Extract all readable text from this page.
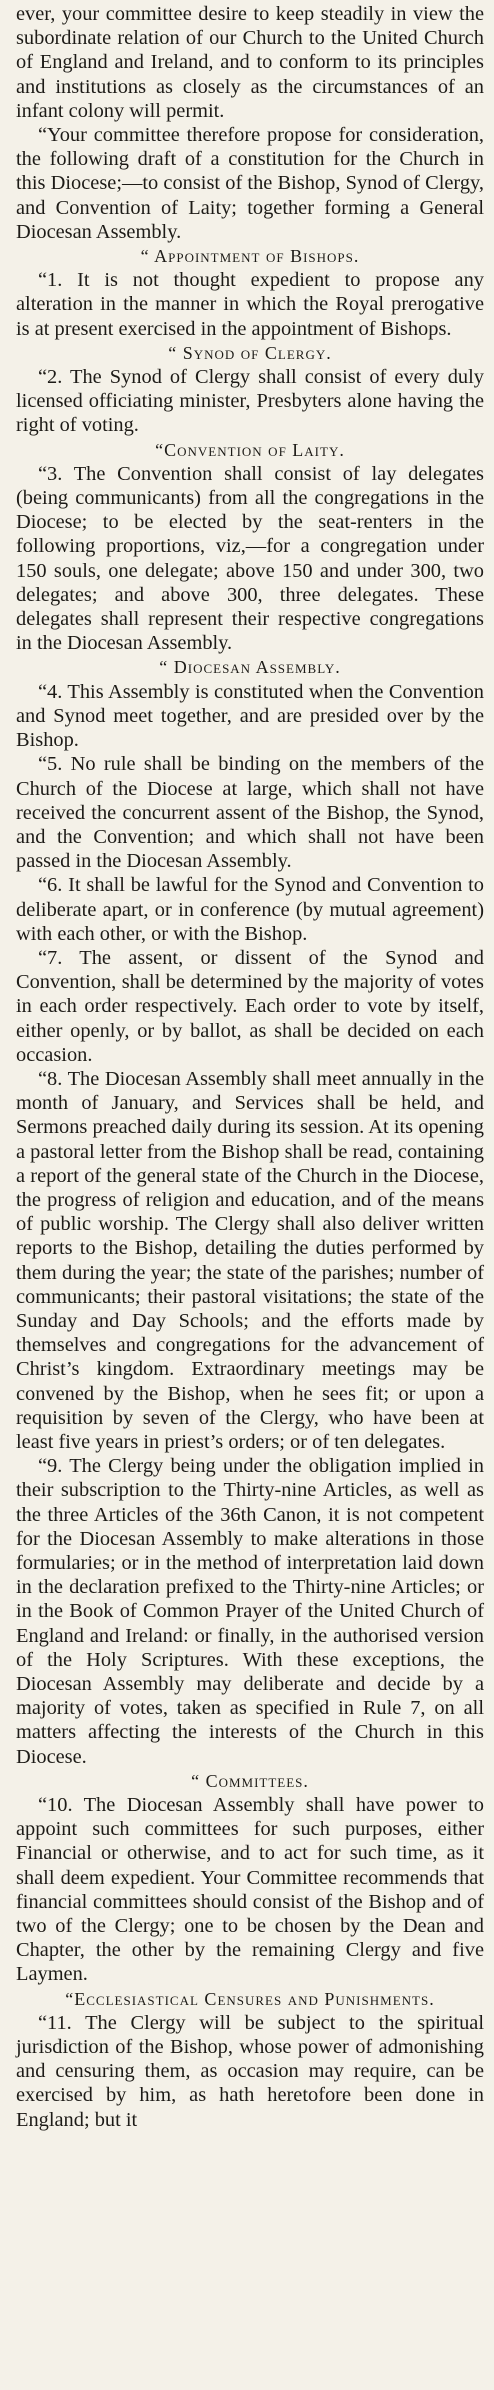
ever, your committee desire to keep steadily in view the subordinate relation of our Church to the United Church of England and Ireland, and to conform to its principles and institutions as closely as the circumstances of an infant colony will permit.

“Your committee therefore propose for consideration, the following draft of a constitution for the Church in this Diocese;—to consist of the Bishop, Synod of Clergy, and Convention of Laity; together forming a General Diocesan Assembly.

“ Appointment of Bishops.

“1. It is not thought expedient to propose any alteration in the manner in which the Royal prerogative is at present exercised in the appointment of Bishops.

“ Synod of Clergy.

“2. The Synod of Clergy shall consist of every duly licensed officiating minister, Presbyters alone having the right of voting.

“Convention of Laity.

“3. The Convention shall consist of lay delegates (being communicants) from all the congregations in the Diocese; to be elected by the seat-renters in the following proportions, viz,—for a congregation under 150 souls, one delegate; above 150 and under 300, two delegates; and above 300, three delegates. These delegates shall represent their respective congregations in the Diocesan Assembly.

“ Diocesan Assembly.

“4. This Assembly is constituted when the Convention and Synod meet together, and are presided over by the Bishop.

“5. No rule shall be binding on the members of the Church of the Diocese at large, which shall not have received the concurrent assent of the Bishop, the Synod, and the Convention; and which shall not have been passed in the Diocesan Assembly.

“6. It shall be lawful for the Synod and Convention to deliberate apart, or in conference (by mutual agreement) with each other, or with the Bishop.

“7. The assent, or dissent of the Synod and Convention, shall be determined by the majority of votes in each order respectively. Each order to vote by itself, either openly, or by ballot, as shall be decided on each occasion.

“8. The Diocesan Assembly shall meet annually in the month of January, and Services shall be held, and Sermons preached daily during its session. At its opening a pastoral letter from the Bishop shall be read, containing a report of the general state of the Church in the Diocese, the progress of religion and education, and of the means of public worship. The Clergy shall also deliver written reports to the Bishop, detailing the duties performed by them during the year; the state of the parishes; number of communicants; their pastoral visitations; the state of the Sunday and Day Schools; and the efforts made by themselves and congregations for the advancement of Christ’s kingdom. Extraordinary meetings may be convened by the Bishop, when he sees fit; or upon a requisition by seven of the Clergy, who have been at least five years in priest’s orders; or of ten delegates.

“9. The Clergy being under the obligation implied in their subscription to the Thirty-nine Articles, as well as the three Articles of the 36th Canon, it is not competent for the Diocesan Assembly to make alterations in those formularies; or in the method of interpretation laid down in the declaration prefixed to the Thirty-nine Articles; or in the Book of Common Prayer of the United Church of England and Ireland: or finally, in the authorised version of the Holy Scriptures. With these exceptions, the Diocesan Assembly may deliberate and decide by a majority of votes, taken as specified in Rule 7, on all matters affecting the interests of the Church in this Diocese.

“ Committees.

“10. The Diocesan Assembly shall have power to appoint such committees for such purposes, either Financial or otherwise, and to act for such time, as it shall deem expedient. Your Committee recommends that financial committees should consist of the Bishop and of two of the Clergy; one to be chosen by the Dean and Chapter, the other by the remaining Clergy and five Laymen.

“Ecclesiastical Censures and Punishments.

“11. The Clergy will be subject to the spiritual jurisdiction of the Bishop, whose power of admonishing and censuring them, as occasion may require, can be exercised by him, as hath heretofore been done in England; but it
